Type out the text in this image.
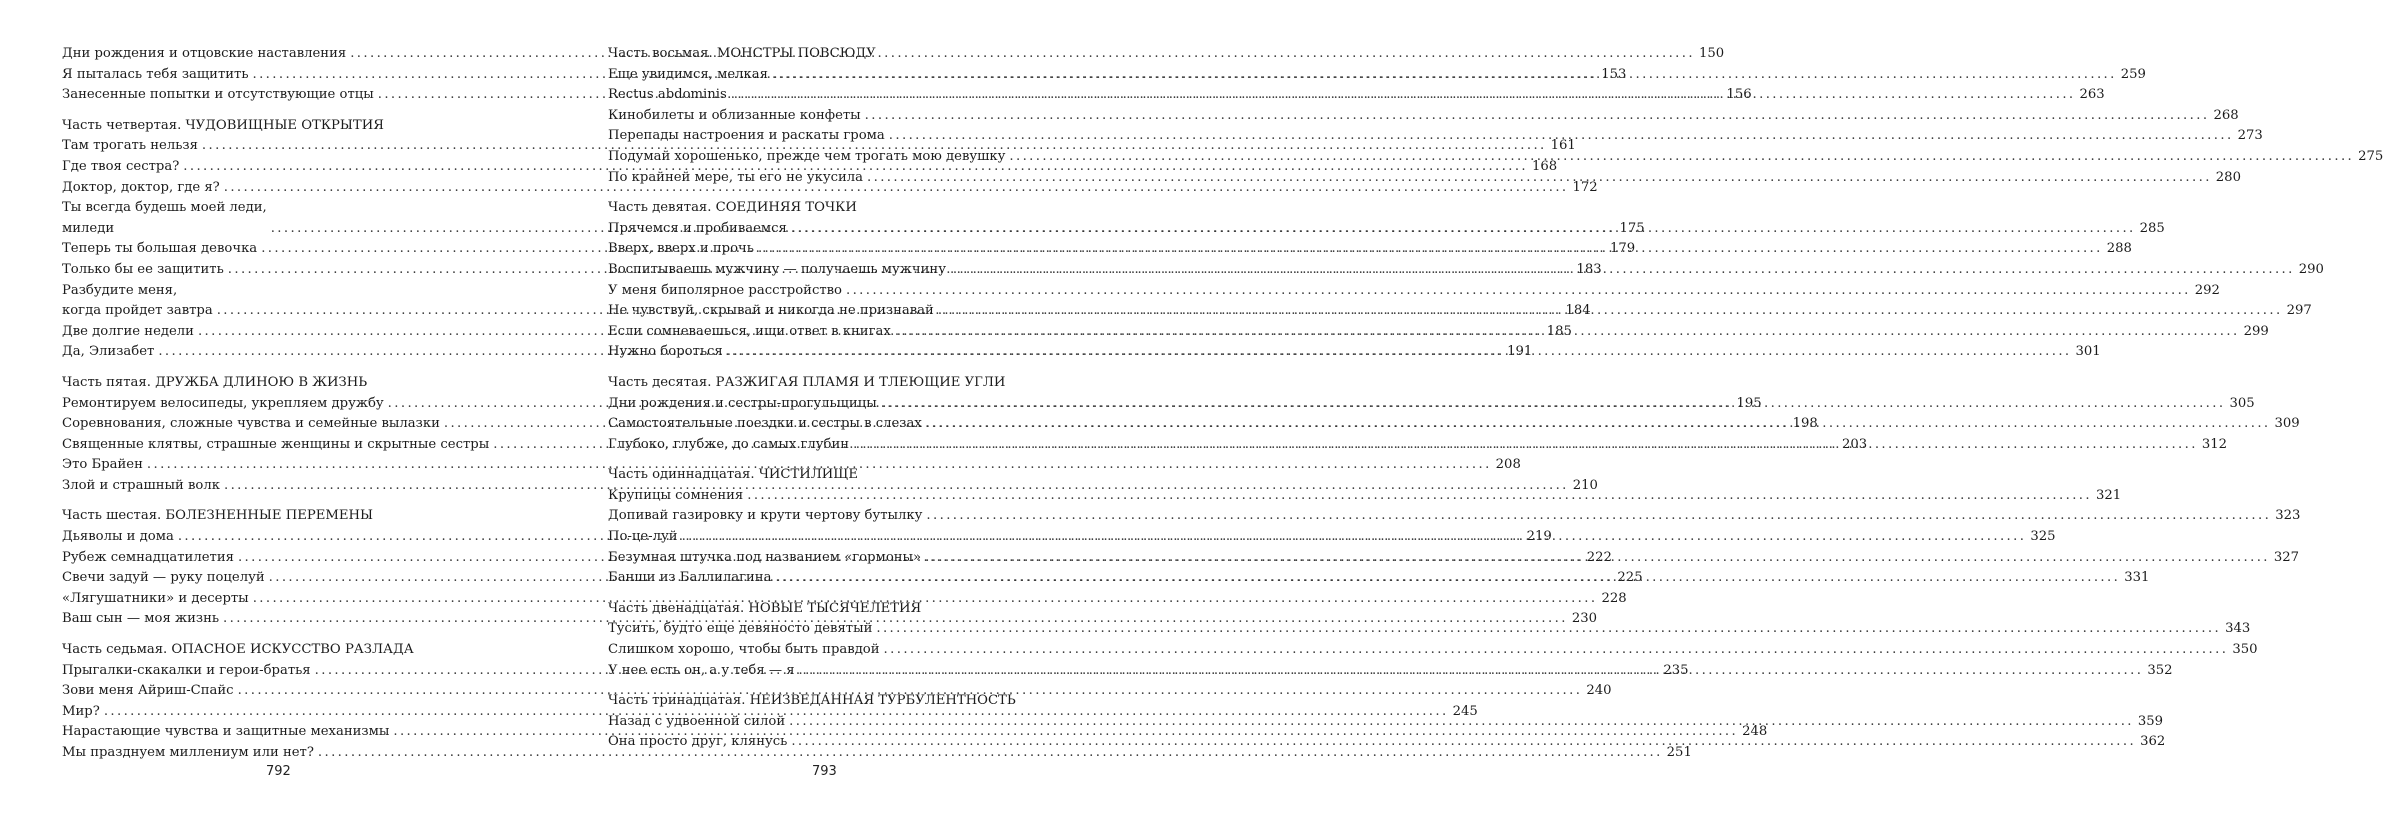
Дни рождения и отцовские наставления .....	150
Я пыталась тебя защитить .....	153
Занесенные попытки и отсутствующие отцы .....	156
Часть четвертая. ЧУДОВИЩНЫЕ ОТКРЫТИЯ
Там трогать нельзя .....	161
Где твоя сестра? .....	168
Доктор, доктор, где я? .....	172
Ты всегда будешь моей леди,
миледи .....	175
Теперь ты большая девочка .....	179
Только бы ее защитить .....	183
Разбудите меня,
когда пройдет завтра .....	184
Две долгие недели .....	185
Да, Элизабет .....	191
Часть пятая. ДРУЖБА ДЛИНОЮ В ЖИЗНЬ
Ремонтируем велосипеды, укрепляем дружбу .....	195
Соревнования, сложные чувства и семейные вылазки .....	198
Священные клятвы, страшные женщины и скрытные сестры .....	203
Это Брайен .....	208
Злой и страшный волк .....	210
Часть шестая. БОЛЕЗНЕННЫЕ ПЕРЕМЕНЫ
Дьяволы и дома .....	219
Рубеж семнадцатилетия .....	222
Свечи задуй — руку поцелуй .....	225
«Лягушатники» и десерты .....	228
Ваш сын — моя жизнь .....	230
Часть седьмая. ОПАСНОЕ ИСКУССТВО РАЗЛАДА
Прыгалки-скакалки и герои-братья .....	235
Зови меня Айриш-Спайс .....	240
Мир? .....	245
Нарастающие чувства и защитные механизмы .....	248
Мы празднуем миллениум или нет? .....	251
Часть восьмая. МОНСТРЫ ПОВСЮДУ
Еще увидимся, мелкая .....	259
Rectus abdominis .....	263
Кинобилеты и облизанные конфеты .....	268
Перепады настроения и раскаты грома .....	273
Подумай хорошенько, прежде чем трогать мою девушку .....	275
По крайней мере, ты его не укусила .....	280
Часть девятая. СОЕДИНЯЯ ТОЧКИ
Прячемся и пробиваемся .....	285
Вверх, вверх и прочь .....	288
Воспитываешь мужчину — получаешь мужчину .....	290
У меня биполярное расстройство .....	292
Не чувствуй, скрывай и никогда не признавай .....	297
Если сомневаешься, ищи ответ в книгах .....	299
Нужно бороться .....	301
Часть десятая. РАЗЖИГАЯ ПЛАМЯ И ТЛЕЮЩИЕ УГЛИ
Дни рождения и сестры-прогульщицы .....	305
Самостоятельные поездки и сестры в слезах .....	309
Глубоко, глубже, до самых глубин .....	312
Часть одиннадцатая. ЧИСТИЛИЩЕ
Крупицы сомнения .....	321
Допивай газировку и крути чертову бутылку .....	323
По-це-луй .....	325
Безумная штучка под названием «гормоны» .....	327
Банши из Баллилагина .....	331
Часть двенадцатая. НОВЫЕ ТЫСЯЧЕЛЕТИЯ
Тусить, будто еще девяносто девятый .....	343
Слишком хорошо, чтобы быть правдой .....	350
У нее есть он, а у тебя — я .....	352
Часть тринадцатая. НЕИЗВЕДАННАЯ ТУРБУЛЕНТНОСТЬ
Назад с удвоенной силой .....	359
Она просто друг, клянусь .....	362
792	793
